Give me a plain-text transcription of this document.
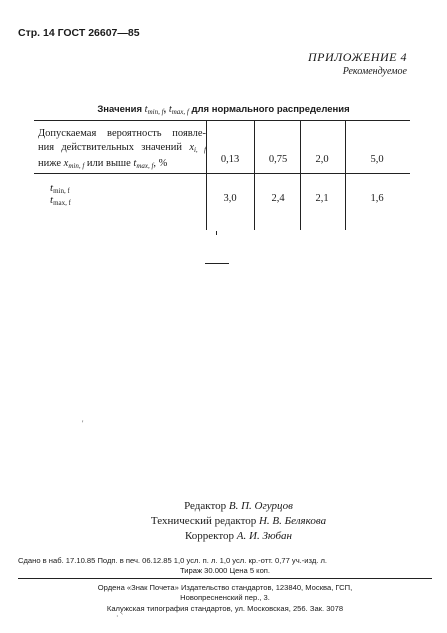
Стр. 14 ГОСТ 26607—85
ПРИЛОЖЕНИЕ 4
Рекомендуемое
Значения $t_{min, f}$, $t_{max, f}$ для нормального распределения
Допускаемая вероятность появле-
ния действительных значений $x_{i, f}$
ниже $x_{min, f}$ или выше $t_{max, f}$, %	0,13	0,75	2,0	5,0
$t_{min, f}$
$t_{max, f}$	3,0	2,4	2,1	1,6
'
· `
Редактор В. П. Огурцов
Технический редактор Н. В. Белякова
Корректор А. И. Зюбан
Сдано в наб. 17.10.85 Подп. в печ. 06.12.85 1,0 усл. п. л. 1,0 усл. кр.-отт. 0,77 уч.-изд. л.
Тираж 30.000 Цена 5 коп.
Ордена «Знак Почета» Издательство стандартов, 123840, Москва, ГСП,
Новопресненский пер., 3.
Калужская типография стандартов, ул. Московская, 256. Зак. 3078
